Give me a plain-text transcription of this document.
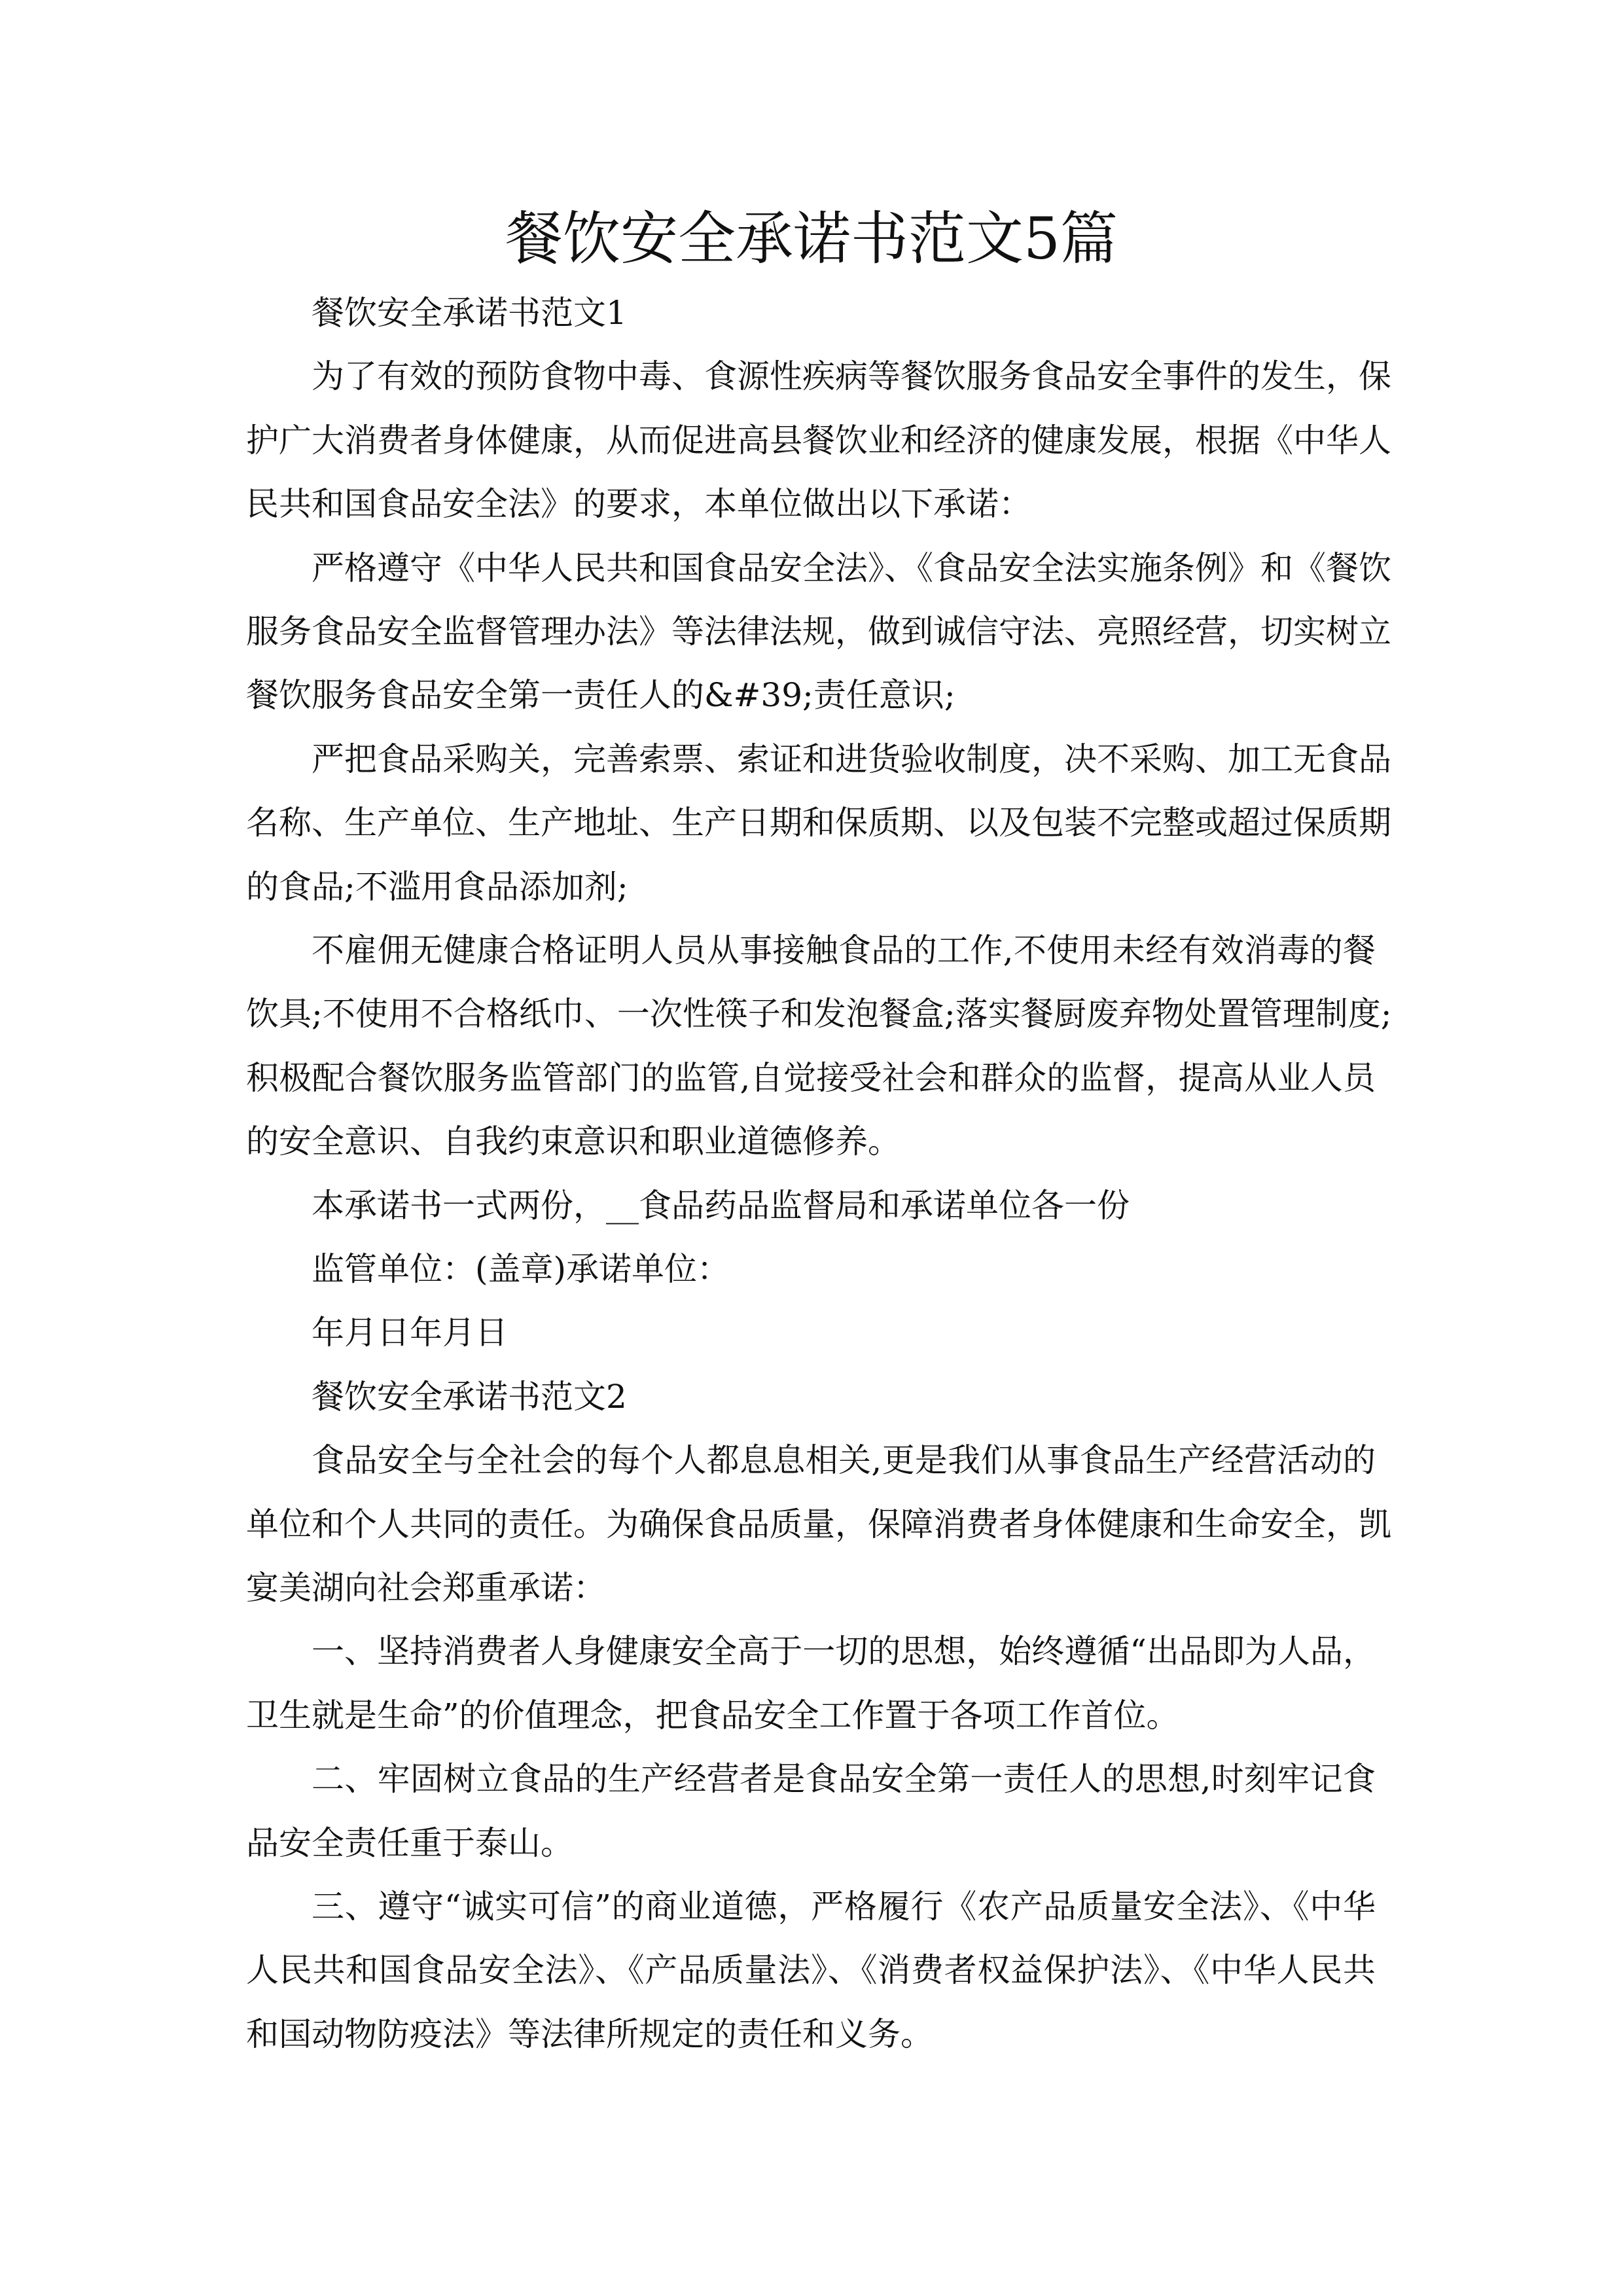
餐饮安全承诺书范文5篇
餐饮安全承诺书范文1
为了有效的预防食物中毒、食源性疾病等餐饮服务食品安全事件的发生，保
护广大消费者身体健康，从而促进高县餐饮业和经济的健康发展，根据《中华人
民共和国食品安全法》的要求，本单位做出以下承诺：
严格遵守《中华人民共和国食品安全法》、《食品安全法实施条例》和《餐饮
服务食品安全监督管理办法》等法律法规，做到诚信守法、亮照经营，切实树立
餐饮服务食品安全第一责任人的&#39;责任意识;
严把食品采购关，完善索票、索证和进货验收制度，决不采购、加工无食品
名称、生产单位、生产地址、生产日期和保质期、以及包装不完整或超过保质期
的食品;不滥用食品添加剂;
不雇佣无健康合格证明人员从事接触食品的工作,不使用未经有效消毒的餐
饮具;不使用不合格纸巾、一次性筷子和发泡餐盒;落实餐厨废弃物处置管理制度;
积极配合餐饮服务监管部门的监管,自觉接受社会和群众的监督，提高从业人员
的安全意识、自我约束意识和职业道德修养。
本承诺书一式两份，__食品药品监督局和承诺单位各一份
监管单位：(盖章)承诺单位：
年月日年月日
餐饮安全承诺书范文2
食品安全与全社会的每个人都息息相关,更是我们从事食品生产经营活动的
单位和个人共同的责任。为确保食品质量，保障消费者身体健康和生命安全，凯
宴美湖向社会郑重承诺：
一、坚持消费者人身健康安全高于一切的思想，始终遵循“出品即为人品，
卫生就是生命”的价值理念，把食品安全工作置于各项工作首位。
二、牢固树立食品的生产经营者是食品安全第一责任人的思想,时刻牢记食
品安全责任重于泰山。
三、遵守“诚实可信”的商业道德，严格履行《农产品质量安全法》、《中华
人民共和国食品安全法》、《产品质量法》、《消费者权益保护法》、《中华人民共
和国动物防疫法》等法律所规定的责任和义务。
